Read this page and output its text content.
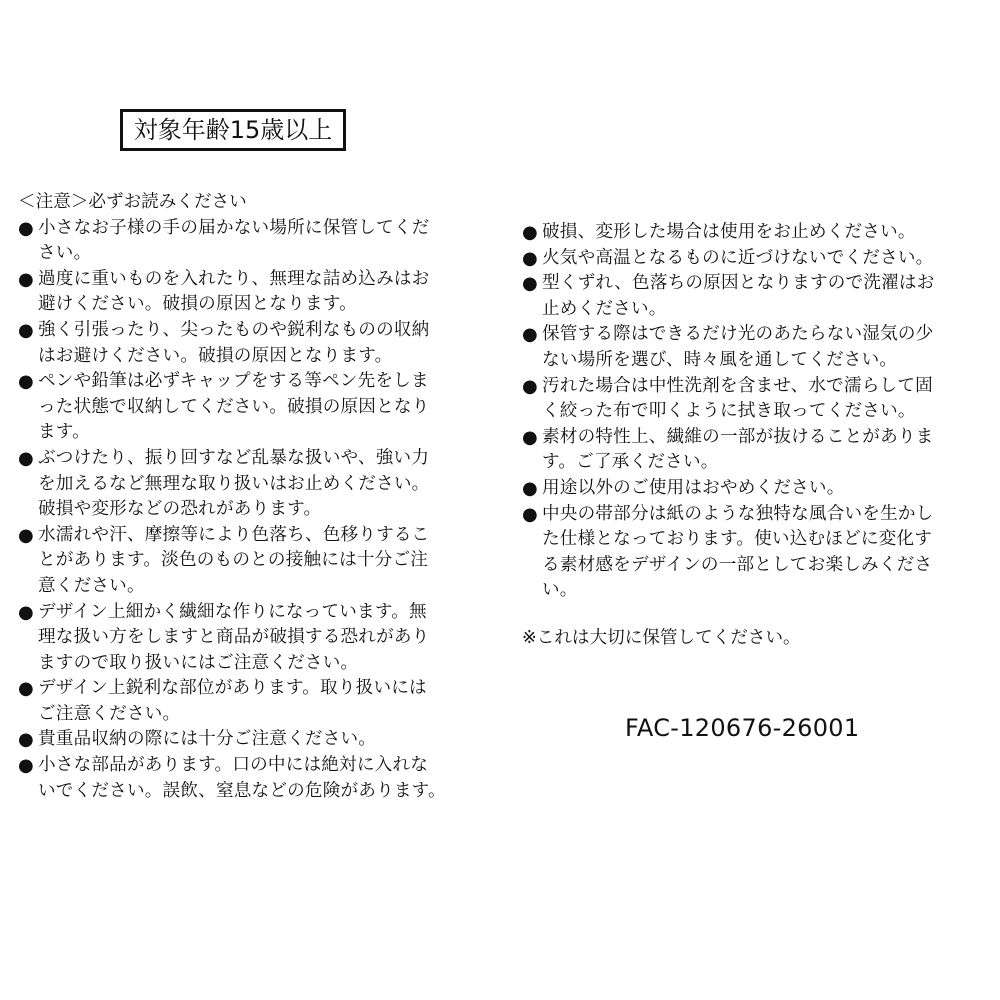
対象年齢15歳以上
＜注意＞必ずお読みください
● 小さなお子様の手の届かない場所に保管してくだ
さい。
● 過度に重いものを入れたり、無理な詰め込みはお
避けください。破損の原因となります。
● 強く引張ったり、尖ったものや鋭利なものの収納
はお避けください。破損の原因となります。
● ペンや鉛筆は必ずキャップをする等ペン先をしま
った状態で収納してください。破損の原因となり
ます。
● ぶつけたり、振り回すなど乱暴な扱いや、強い力
を加えるなど無理な取り扱いはお止めください。
破損や変形などの恐れがあります。
● 水濡れや汗、摩擦等により色落ち、色移りするこ
とがあります。淡色のものとの接触には十分ご注
意ください。
● デザイン上細かく繊細な作りになっています。無
理な扱い方をしますと商品が破損する恐れがあり
ますので取り扱いにはご注意ください。
● デザイン上鋭利な部位があります。取り扱いには
ご注意ください。
● 貴重品収納の際には十分ご注意ください。
● 小さな部品があります。口の中には絶対に入れな
いでください。誤飲、窒息などの危険があります。
● 破損、変形した場合は使用をお止めください。
● 火気や高温となるものに近づけないでください。
● 型くずれ、色落ちの原因となりますので洗濯はお
止めください。
● 保管する際はできるだけ光のあたらない湿気の少
ない場所を選び、時々風を通してください。
● 汚れた場合は中性洗剤を含ませ、水で濡らして固
く絞った布で叩くように拭き取ってください。
● 素材の特性上、繊維の一部が抜けることがありま
す。ご了承ください。
● 用途以外のご使用はおやめください。
● 中央の帯部分は紙のような独特な風合いを生かし
た仕様となっております。使い込むほどに変化す
る素材感をデザインの一部としてお楽しみくださ
い。
※これは大切に保管してください。
FAC-120676-26001
